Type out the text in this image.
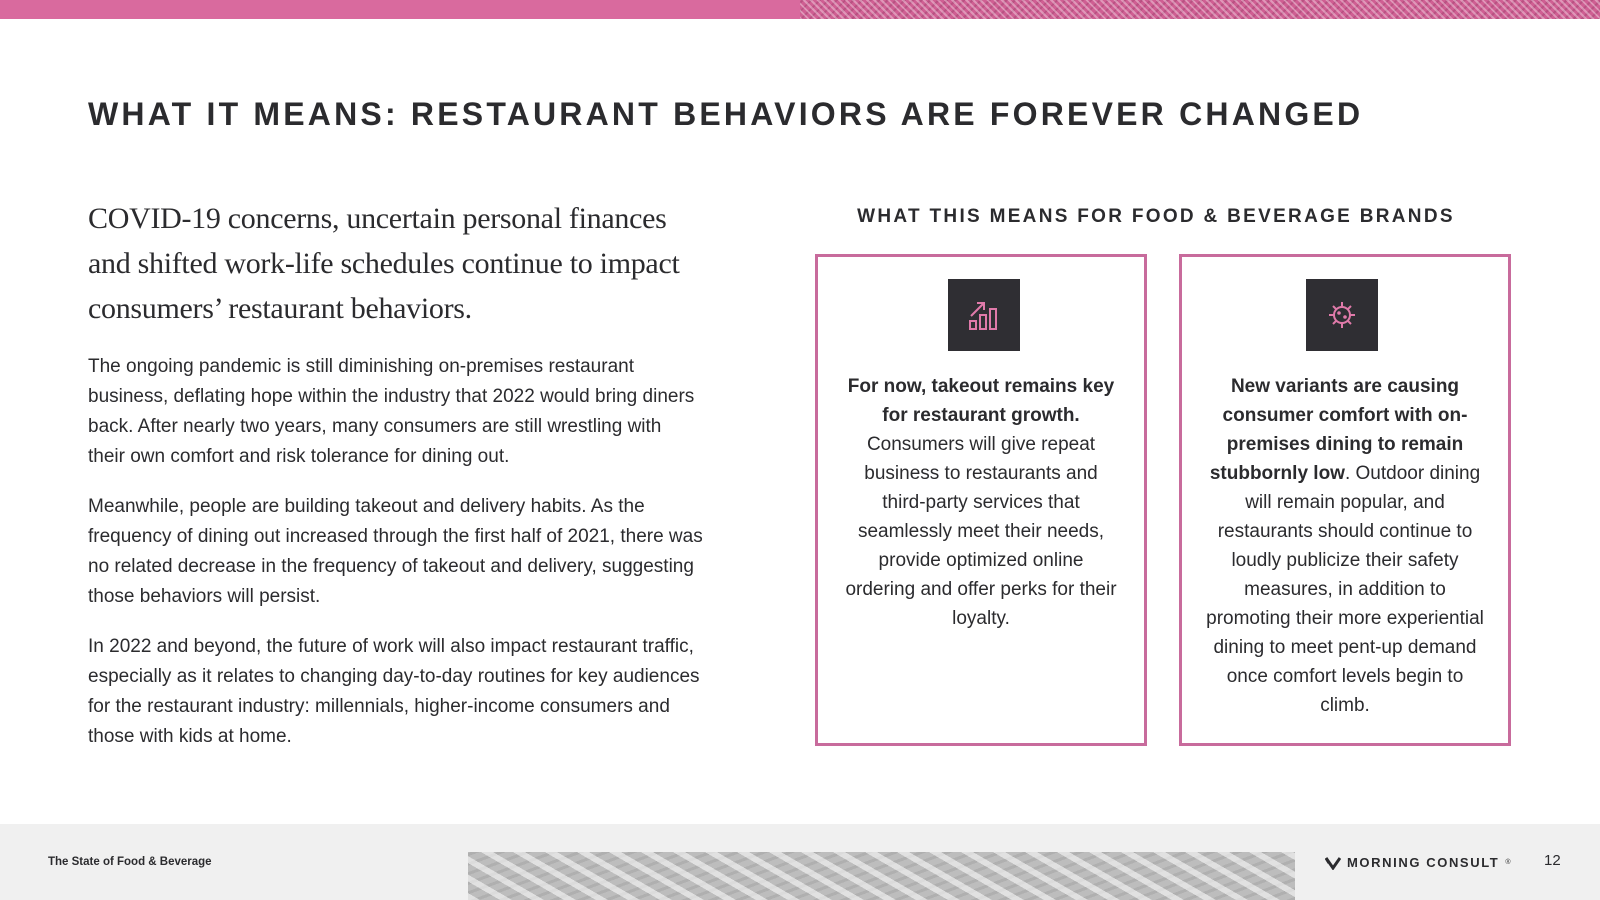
WHAT IT MEANS: RESTAURANT BEHAVIORS ARE FOREVER CHANGED

COVID-19 concerns, uncertain personal finances and shifted work-life schedules continue to impact consumers’ restaurant behaviors.

The ongoing pandemic is still diminishing on-premises restaurant business, deflating hope within the industry that 2022 would bring diners back. After nearly two years, many consumers are still wrestling with their own comfort and risk tolerance for dining out.

Meanwhile, people are building takeout and delivery habits. As the frequency of dining out increased through the first half of 2021, there was no related decrease in the frequency of takeout and delivery, suggesting those behaviors will persist.

In 2022 and beyond, the future of work will also impact restaurant traffic, especially as it relates to changing day-to-day routines for key audiences for the restaurant industry: millennials, higher-income consumers and those with kids at home.

WHAT THIS MEANS FOR FOOD & BEVERAGE BRANDS

For now, takeout remains key for restaurant growth. Consumers will give repeat business to restaurants and third-party services that seamlessly meet their needs, provide optimized online ordering and offer perks for their loyalty.

New variants are causing consumer comfort with on-premises dining to remain stubbornly low. Outdoor dining will remain popular, and restaurants should continue to loudly publicize their safety measures, in addition to promoting their more experiential dining to meet pent-up demand once comfort levels begin to climb.

The State of Food & Beverage	MORNING CONSULT ® 12
